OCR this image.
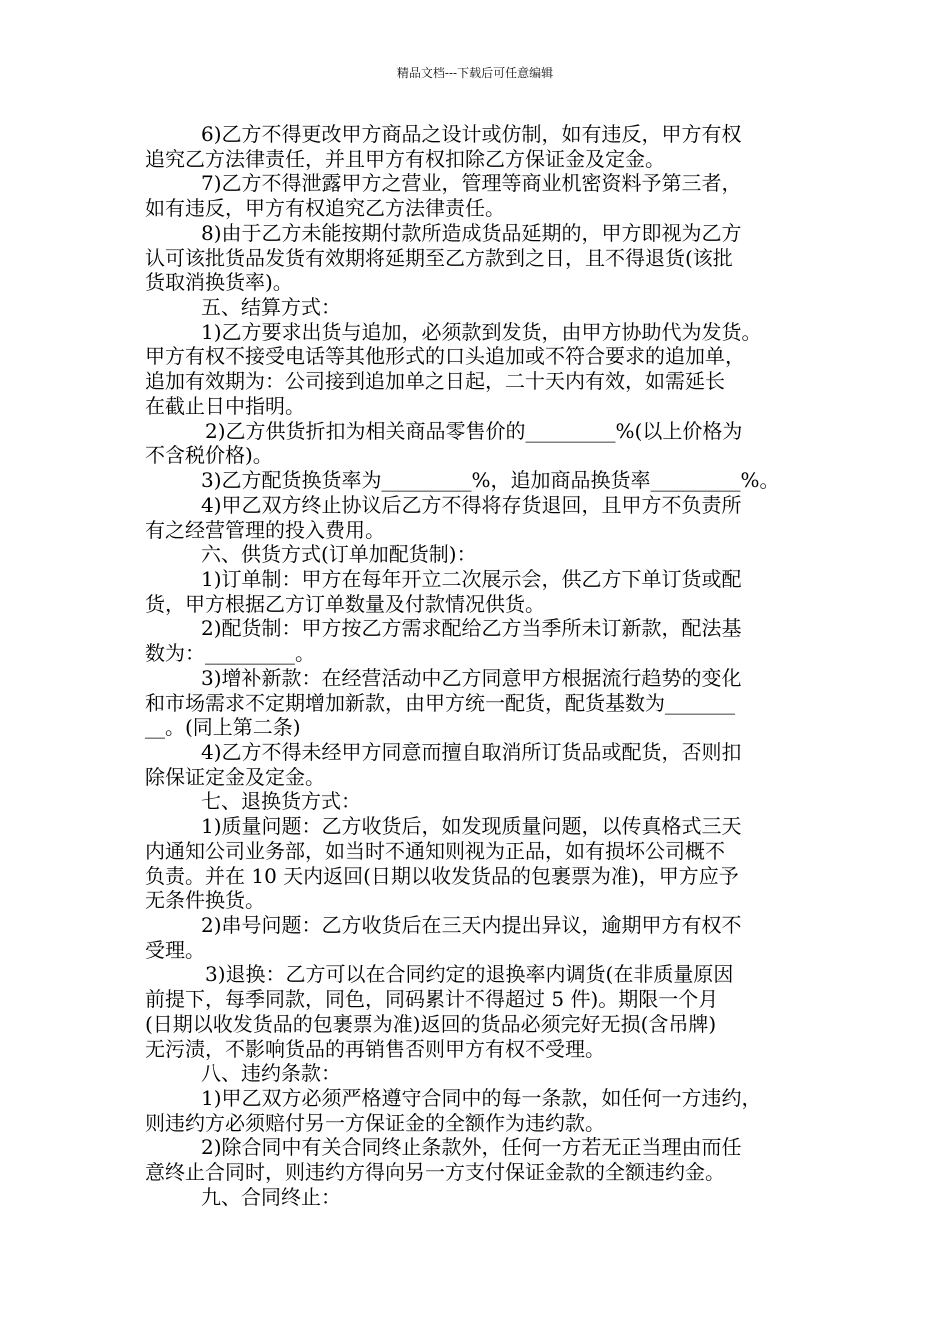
精品文档---下载后可任意编辑
6)乙方不得更改甲方商品之设计或仿制，如有违反，甲方有权
追究乙方法律责任，并且甲方有权扣除乙方保证金及定金。
7)乙方不得泄露甲方之营业，管理等商业机密资料予第三者，
如有违反，甲方有权追究乙方法律责任。
8)由于乙方未能按期付款所造成货品延期的，甲方即视为乙方
认可该批货品发货有效期将延期至乙方款到之日，且不得退货(该批
货取消换货率)。
五、结算方式：
1)乙方要求出货与追加，必须款到发货，由甲方协助代为发货。
甲方有权不接受电话等其他形式的口头追加或不符合要求的追加单，
追加有效期为：公司接到追加单之日起，二十天内有效，如需延长
在截止日中指明。
2)乙方供货折扣为相关商品零售价的_________%(以上价格为
不含税价格)。
3)乙方配货换货率为_________%，追加商品换货率_________%。
4)甲乙双方终止协议后乙方不得将存货退回，且甲方不负责所
有之经营管理的投入费用。
六、供货方式(订单加配货制)：
1)订单制：甲方在每年开立二次展示会，供乙方下单订货或配
货，甲方根据乙方订单数量及付款情况供货。
2)配货制：甲方按乙方需求配给乙方当季所未订新款，配法基
数为：_________。
3)增补新款：在经营活动中乙方同意甲方根据流行趋势的变化
和市场需求不定期增加新款，由甲方统一配货，配货基数为_______
__。(同上第二条)
4)乙方不得未经甲方同意而擅自取消所订货品或配货，否则扣
除保证定金及定金。
七、退换货方式：
1)质量问题：乙方收货后，如发现质量问题，以传真格式三天
内通知公司业务部，如当时不通知则视为正品，如有损坏公司概不
负责。并在 10 天内返回(日期以收发货品的包裹票为准)，甲方应予
无条件换货。
2)串号问题：乙方收货后在三天内提出异议，逾期甲方有权不
受理。
3)退换：乙方可以在合同约定的退换率内调货(在非质量原因
前提下，每季同款，同色，同码累计不得超过 5 件)。期限一个月
(日期以收发货品的包裹票为准)返回的货品必须完好无损(含吊牌)
无污渍，不影响货品的再销售否则甲方有权不受理。
八、违约条款：
1)甲乙双方必须严格遵守合同中的每一条款，如任何一方违约，
则违约方必须赔付另一方保证金的全额作为违约款。
2)除合同中有关合同终止条款外，任何一方若无正当理由而任
意终止合同时，则违约方得向另一方支付保证金款的全额违约金。
九、合同终止：
